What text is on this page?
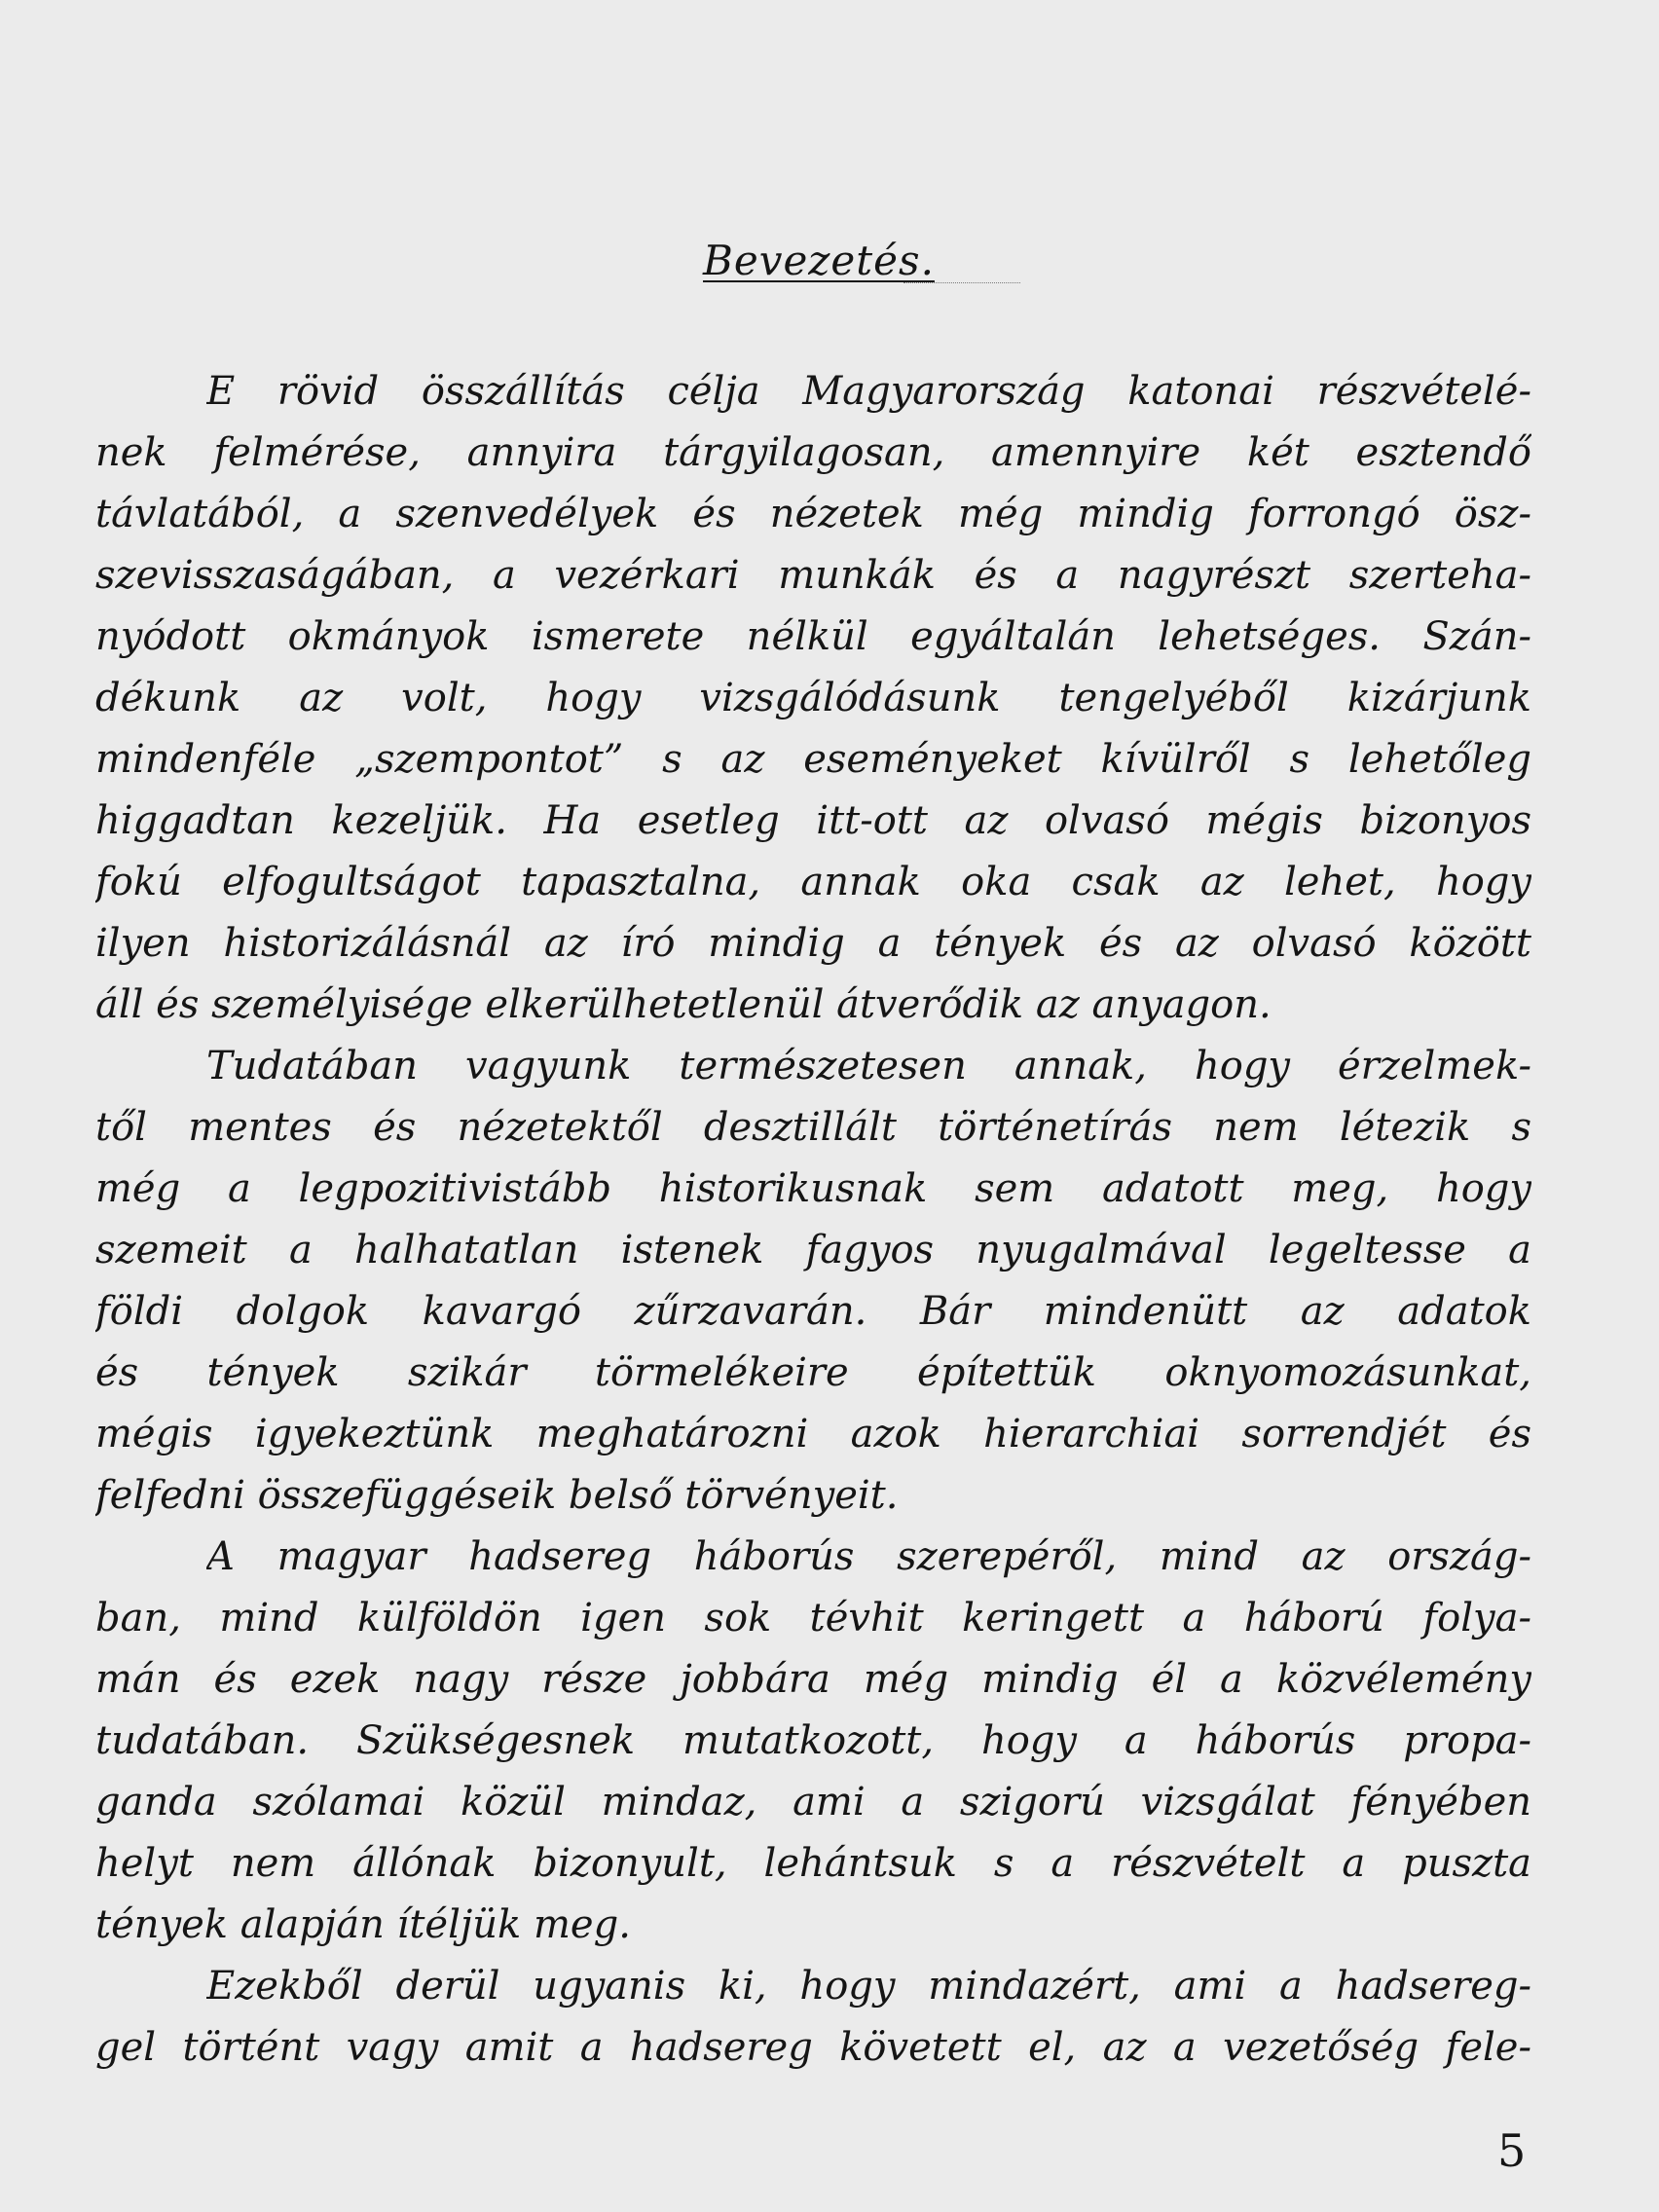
Bevezetés.
E rövid összállítás célja Magyarország katonai részvételé-
nek felmérése, annyira tárgyilagosan, amennyire két esztendő
távlatából, a szenvedélyek és nézetek még mindig forrongó ösz-
szevisszaságában, a vezérkari munkák és a nagyrészt szerteha-
nyódott okmányok ismerete nélkül egyáltalán lehetséges. Szán-
dékunk az volt, hogy vizsgálódásunk tengelyéből kizárjunk
mindenféle „szempontot” s az eseményeket kívülről s lehetőleg
higgadtan kezeljük. Ha esetleg itt-ott az olvasó mégis bizonyos
fokú elfogultságot tapasztalna, annak oka csak az lehet, hogy
ilyen historizálásnál az író mindig a tények és az olvasó között
áll és személyisége elkerülhetetlenül átverődik az anyagon.
Tudatában vagyunk természetesen annak, hogy érzelmek-
től mentes és nézetektől desztillált történetírás nem létezik s
még a legpozitivistább historikusnak sem adatott meg, hogy
szemeit a halhatatlan istenek fagyos nyugalmával legeltesse a
földi dolgok kavargó zűrzavarán. Bár mindenütt az adatok
és tények szikár törmelékeire építettük oknyomozásunkat,
mégis igyekeztünk meghatározni azok hierarchiai sorrendjét és
felfedni összefüggéseik belső törvényeit.
A magyar hadsereg háborús szerepéről, mind az ország-
ban, mind külföldön igen sok tévhit keringett a háború folya-
mán és ezek nagy része jobbára még mindig él a közvélemény
tudatában. Szükségesnek mutatkozott, hogy a háborús propa-
ganda szólamai közül mindaz, ami a szigorú vizsgálat fényében
helyt nem állónak bizonyult, lehántsuk s a részvételt a puszta
tények alapján ítéljük meg.
Ezekből derül ugyanis ki, hogy mindazért, ami a hadsereg-
gel történt vagy amit a hadsereg követett el, az a vezetőség fele-
5
